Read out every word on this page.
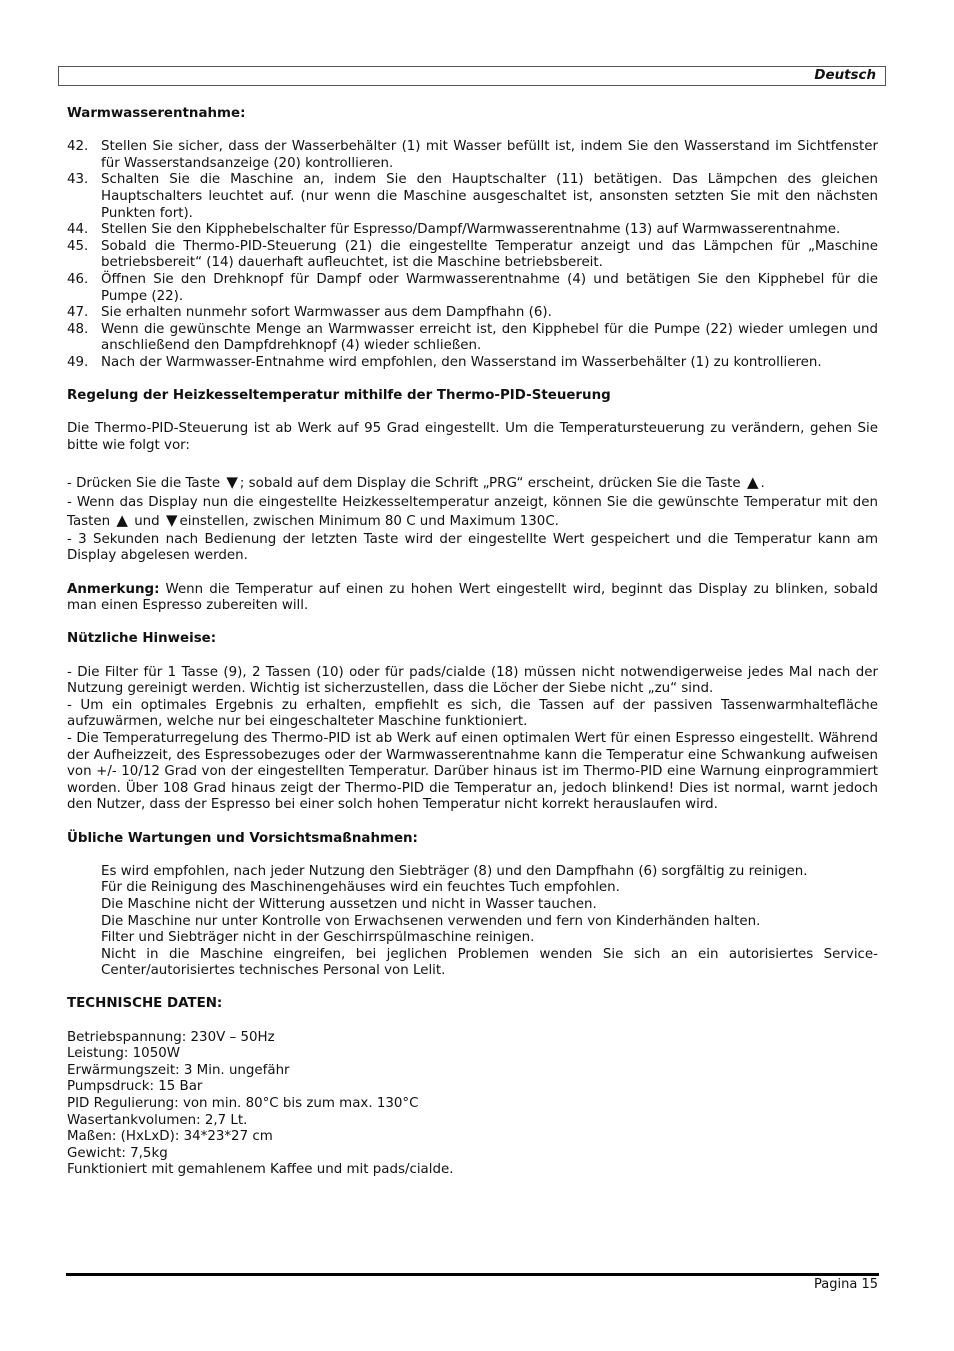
Deutsch
Warmwasserentnahme:
42. Stellen Sie sicher, dass der Wasserbehälter (1) mit Wasser befüllt ist, indem Sie den Wasserstand im Sichtfenster für Wasserstandsanzeige (20) kontrollieren.
43. Schalten Sie die Maschine an, indem Sie den Hauptschalter (11) betätigen. Das Lämpchen des gleichen Hauptschalters leuchtet auf. (nur wenn die Maschine ausgeschaltet ist, ansonsten setzten Sie mit den nächsten Punkten fort).
44. Stellen Sie den Kipphebelschalter für Espresso/Dampf/Warmwasserentnahme (13) auf Warmwasserentnahme.
45. Sobald die Thermo-PID-Steuerung (21) die eingestellte Temperatur anzeigt und das Lämpchen für „Maschine betriebsbereit“ (14) dauerhaft aufleuchtet, ist die Maschine betriebsbereit.
46. Öffnen Sie den Drehknopf für Dampf oder Warmwasserentnahme (4) und betätigen Sie den Kipphebel für die Pumpe (22).
47. Sie erhalten nunmehr sofort Warmwasser aus dem Dampfhahn (6).
48. Wenn die gewünschte Menge an Warmwasser erreicht ist, den Kipphebel für die Pumpe (22) wieder umlegen und anschließend den Dampfdrehknopf (4) wieder schließen.
49. Nach der Warmwasser-Entnahme wird empfohlen, den Wasserstand im Wasserbehälter (1) zu kontrollieren.
Regelung der Heizkesseltemperatur mithilfe der Thermo-PID-Steuerung

Die Thermo-PID-Steuerung ist ab Werk auf 95 Grad eingestellt. Um die Temperatursteuerung zu verändern, gehen Sie bitte wie folgt vor:

- Drücken Sie die Taste ▼ ; sobald auf dem Display die Schrift „PRG“ erscheint, drücken Sie die Taste ▲ .

- Wenn das Display nun die eingestellte Heizkesseltemperatur anzeigt, können Sie die gewünschte Temperatur mit den Tasten ▲ und ▼ einstellen, zwischen Minimum 80 C und Maximum 130C.

- 3 Sekunden nach Bedienung der letzten Taste wird der eingestellte Wert gespeichert und die Temperatur kann am Display abgelesen werden.

Anmerkung: Wenn die Temperatur auf einen zu hohen Wert eingestellt wird, beginnt das Display zu blinken, sobald man einen Espresso zubereiten will.

Nützliche Hinweise:

- Die Filter für 1 Tasse (9), 2 Tassen (10) oder für pads/cialde (18) müssen nicht notwendigerweise jedes Mal nach der Nutzung gereinigt werden. Wichtig ist sicherzustellen, dass die Löcher der Siebe nicht „zu“ sind.

- Um ein optimales Ergebnis zu erhalten, empfiehlt es sich, die Tassen auf der passiven Tassenwarmhaltefläche aufzuwärmen, welche nur bei eingeschalteter Maschine funktioniert.

- Die Temperaturregelung des Thermo-PID ist ab Werk auf einen optimalen Wert für einen Espresso eingestellt. Während der Aufheizzeit, des Espressobezuges oder der Warmwasserentnahme kann die Temperatur eine Schwankung aufweisen von +/- 10/12 Grad von der eingestellten Temperatur. Darüber hinaus ist im Thermo-PID eine Warnung einprogrammiert worden. Über 108 Grad hinaus zeigt der Thermo-PID die Temperatur an, jedoch blinkend! Dies ist normal, warnt jedoch den Nutzer, dass der Espresso bei einer solch hohen Temperatur nicht korrekt herauslaufen wird.

Übliche Wartungen und Vorsichtsmaßnahmen:

Es wird empfohlen, nach jeder Nutzung den Siebträger (8) und den Dampfhahn (6) sorgfältig zu reinigen.

Für die Reinigung des Maschinengehäuses wird ein feuchtes Tuch empfohlen.

Die Maschine nicht der Witterung aussetzen und nicht in Wasser tauchen.

Die Maschine nur unter Kontrolle von Erwachsenen verwenden und fern von Kinderhänden halten.

Filter und Siebträger nicht in der Geschirrspülmaschine reinigen.

Nicht in die Maschine eingreifen, bei jeglichen Problemen wenden Sie sich an ein autorisiertes Service-Center/autorisiertes technisches Personal von Lelit.

TECHNISCHE DATEN:

Betriebspannung: 230V – 50Hz

Leistung: 1050W

Erwärmungszeit: 3 Min. ungefähr

Pumpsdruck: 15 Bar

PID Regulierung: von min. 80°C bis zum max. 130°C

Wasertankvolumen: 2,7 Lt.

Maßen: (HxLxD): 34*23*27 cm

Gewicht: 7,5kg

Funktioniert mit gemahlenem Kaffee und mit pads/cialde.

Pagina 15
